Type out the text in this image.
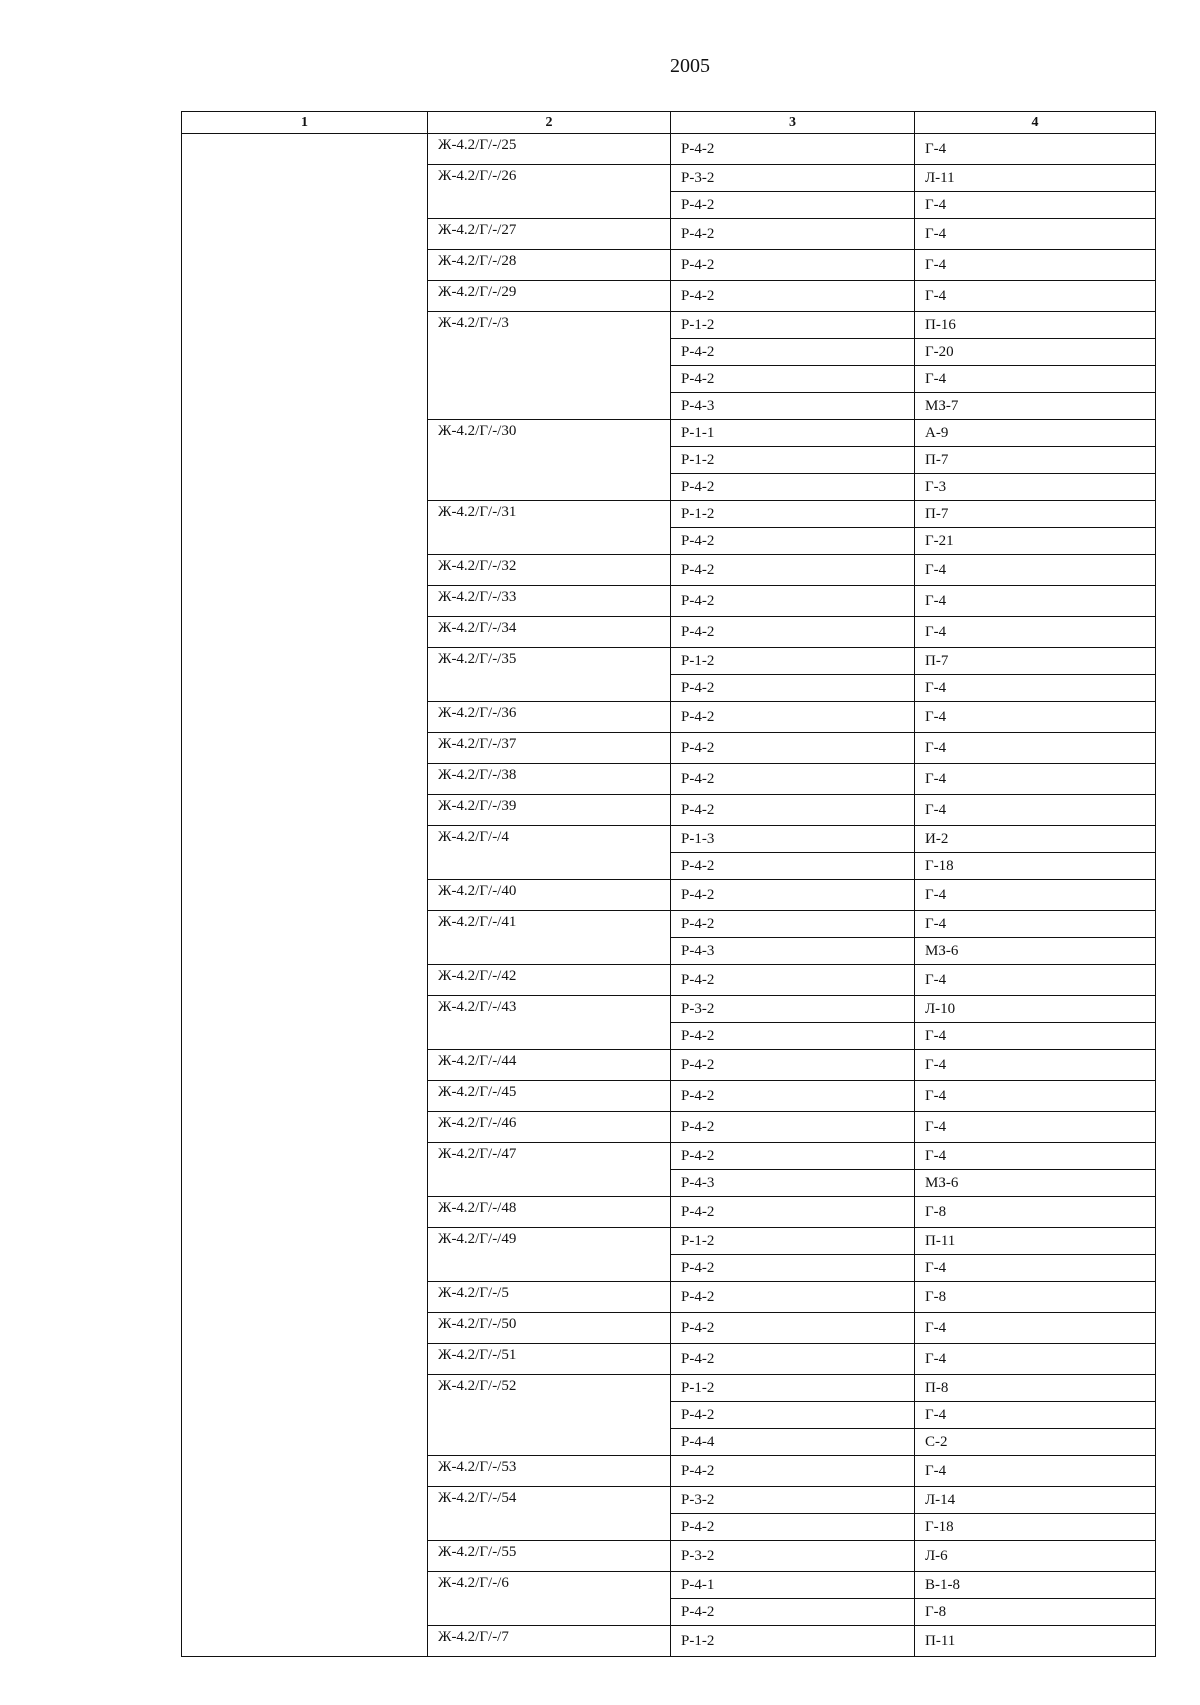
2005
1	2	3	4
	Ж-4.2/Г/-/25	Р-4-2	Г-4
	Ж-4.2/Г/-/26	Р-3-2	Л-11
		Р-4-2	Г-4
	Ж-4.2/Г/-/27	Р-4-2	Г-4
	Ж-4.2/Г/-/28	Р-4-2	Г-4
	Ж-4.2/Г/-/29	Р-4-2	Г-4
	Ж-4.2/Г/-/3	Р-1-2	П-16
		Р-4-2	Г-20
		Р-4-2	Г-4
		Р-4-3	МЗ-7
	Ж-4.2/Г/-/30	Р-1-1	А-9
		Р-1-2	П-7
		Р-4-2	Г-3
	Ж-4.2/Г/-/31	Р-1-2	П-7
		Р-4-2	Г-21
	Ж-4.2/Г/-/32	Р-4-2	Г-4
	Ж-4.2/Г/-/33	Р-4-2	Г-4
	Ж-4.2/Г/-/34	Р-4-2	Г-4
	Ж-4.2/Г/-/35	Р-1-2	П-7
		Р-4-2	Г-4
	Ж-4.2/Г/-/36	Р-4-2	Г-4
	Ж-4.2/Г/-/37	Р-4-2	Г-4
	Ж-4.2/Г/-/38	Р-4-2	Г-4
	Ж-4.2/Г/-/39	Р-4-2	Г-4
	Ж-4.2/Г/-/4	Р-1-3	И-2
		Р-4-2	Г-18
	Ж-4.2/Г/-/40	Р-4-2	Г-4
	Ж-4.2/Г/-/41	Р-4-2	Г-4
		Р-4-3	МЗ-6
	Ж-4.2/Г/-/42	Р-4-2	Г-4
	Ж-4.2/Г/-/43	Р-3-2	Л-10
		Р-4-2	Г-4
	Ж-4.2/Г/-/44	Р-4-2	Г-4
	Ж-4.2/Г/-/45	Р-4-2	Г-4
	Ж-4.2/Г/-/46	Р-4-2	Г-4
	Ж-4.2/Г/-/47	Р-4-2	Г-4
		Р-4-3	МЗ-6
	Ж-4.2/Г/-/48	Р-4-2	Г-8
	Ж-4.2/Г/-/49	Р-1-2	П-11
		Р-4-2	Г-4
	Ж-4.2/Г/-/5	Р-4-2	Г-8
	Ж-4.2/Г/-/50	Р-4-2	Г-4
	Ж-4.2/Г/-/51	Р-4-2	Г-4
	Ж-4.2/Г/-/52	Р-1-2	П-8
		Р-4-2	Г-4
		Р-4-4	С-2
	Ж-4.2/Г/-/53	Р-4-2	Г-4
	Ж-4.2/Г/-/54	Р-3-2	Л-14
		Р-4-2	Г-18
	Ж-4.2/Г/-/55	Р-3-2	Л-6
	Ж-4.2/Г/-/6	Р-4-1	В-1-8
		Р-4-2	Г-8
	Ж-4.2/Г/-/7	Р-1-2	П-11
